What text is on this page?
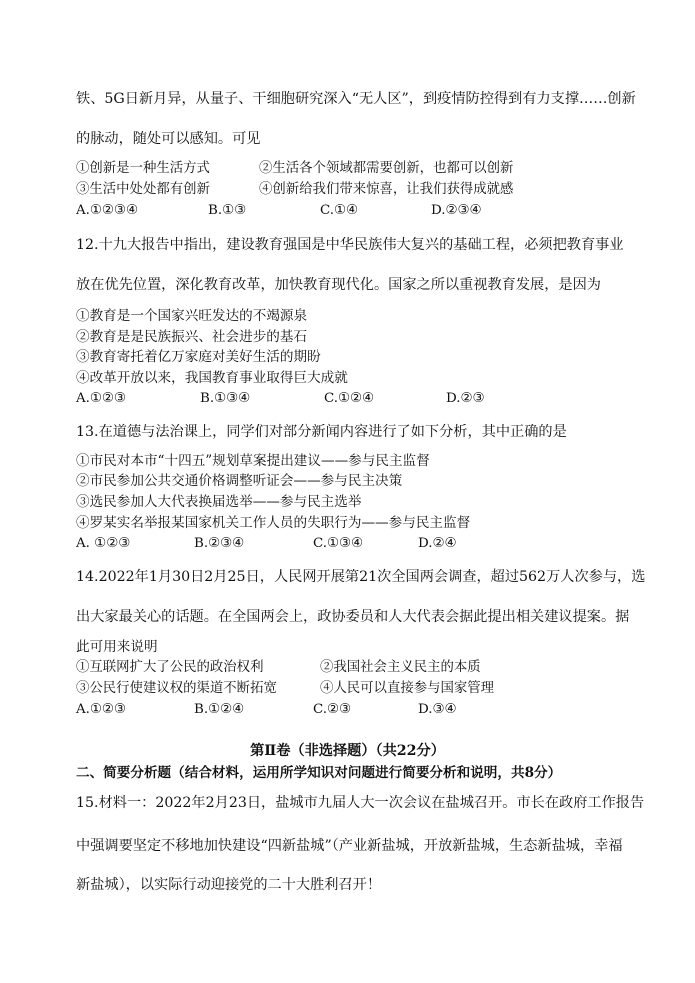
铁、5G日新月异，从量子、干细胞研究深入“无人区”，到疫情防控得到有力支撑……创新
的脉动，随处可以感知。可见
①创新是一种生活方式	②生活各个领域都需要创新，也都可以创新
③生活中处处都有创新	④创新给我们带来惊喜，让我们获得成就感
A.①②③④	B.①③	C.①④	D.②③④
12.十九大报告中指出，建设教育强国是中华民族伟大复兴的基础工程，必须把教育事业
放在优先位置，深化教育改革，加快教育现代化。国家之所以重视教育发展，是因为
①教育是一个国家兴旺发达的不竭源泉
②教育是是民族振兴、社会进步的基石
③教育寄托着亿万家庭对美好生活的期盼
④改革开放以来，我国教育事业取得巨大成就
A.①②③	B.①③④	C.①②④	D.②③
13.在道德与法治课上，同学们对部分新闻内容进行了如下分析，其中正确的是
①市民对本市“十四五”规划草案提出建议——参与民主监督
②市民参加公共交通价格调整听证会——参与民主决策
③选民参加人大代表换届选举——参与民主选举
④罗某实名举报某国家机关工作人员的失职行为——参与民主监督
A. ①②③	B.②③④	C.①③④	D.②④
14.2022年1月30日2月25日，人民网开展第21次全国两会调查，超过562万人次参与，选
出大家最关心的话题。在全国两会上，政协委员和人大代表会据此提出相关建议提案。据
此可用来说明
①互联网扩大了公民的政治权利	②我国社会主义民主的本质
③公民行使建议权的渠道不断拓宽	④人民可以直接参与国家管理
A.①②③	B.①②④	C.②③	D.③④
第Ⅱ卷（非选择题）（共22分）
二、简要分析题（结合材料，运用所学知识对问题进行简要分析和说明，共8分）
15.材料一：2022年2月23日，盐城市九届人大一次会议在盐城召开。市长在政府工作报告
中强调要坚定不移地加快建设“四新盐城”（产业新盐城，开放新盐城，生态新盐城，幸福
新盐城），以实际行动迎接党的二十大胜利召开！
